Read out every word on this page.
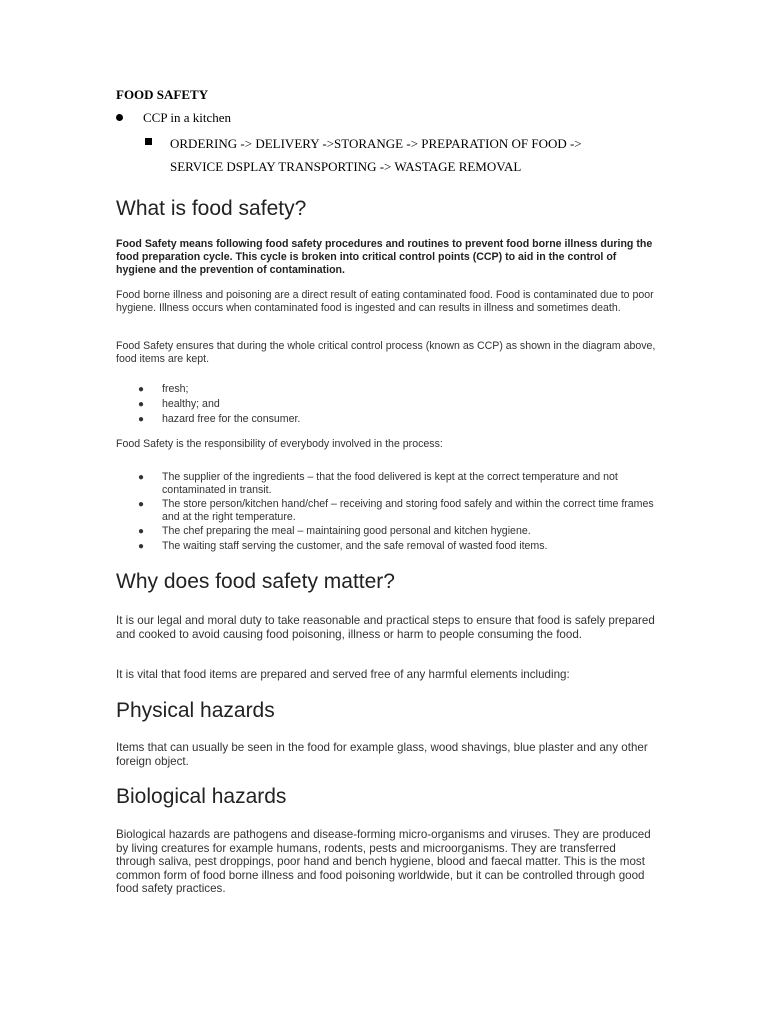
FOOD SAFETY
CCP in a kitchen
ORDERING -> DELIVERY ->STORANGE -> PREPARATION OF FOOD ->
SERVICE DSPLAY TRANSPORTING -> WASTAGE REMOVAL
What is food safety?

Food Safety means following food safety procedures and routines to prevent food borne illness during the food preparation cycle. This cycle is broken into critical control points (CCP) to aid in the control of hygiene and the prevention of contamination.

Food borne illness and poisoning are a direct result of eating contaminated food. Food is contaminated due to poor hygiene. Illness occurs when contaminated food is ingested and can results in illness and sometimes death.

Food Safety ensures that during the whole critical control process (known as CCP) as shown in the diagram above, food items are kept.

● fresh;
● healthy; and
● hazard free for the consumer.

Food Safety is the responsibility of everybody involved in the process:

● The supplier of the ingredients – that the food delivered is kept at the correct temperature and not contaminated in transit.
● The store person/kitchen hand/chef – receiving and storing food safely and within the correct time frames and at the right temperature.
● The chef preparing the meal – maintaining good personal and kitchen hygiene.
● The waiting staff serving the customer, and the safe removal of wasted food items.
Why does food safety matter?

It is our legal and moral duty to take reasonable and practical steps to ensure that food is safely prepared and cooked to avoid causing food poisoning, illness or harm to people consuming the food.

It is vital that food items are prepared and served free of any harmful elements including:

Physical hazards

Items that can usually be seen in the food for example glass, wood shavings, blue plaster and any other foreign object.

Biological hazards

Biological hazards are pathogens and disease-forming micro-organisms and viruses. They are produced by living creatures for example humans, rodents, pests and microorganisms. They are transferred through saliva, pest droppings, poor hand and bench hygiene, blood and faecal matter. This is the most common form of food borne illness and food poisoning worldwide, but it can be controlled through good food safety practices.
